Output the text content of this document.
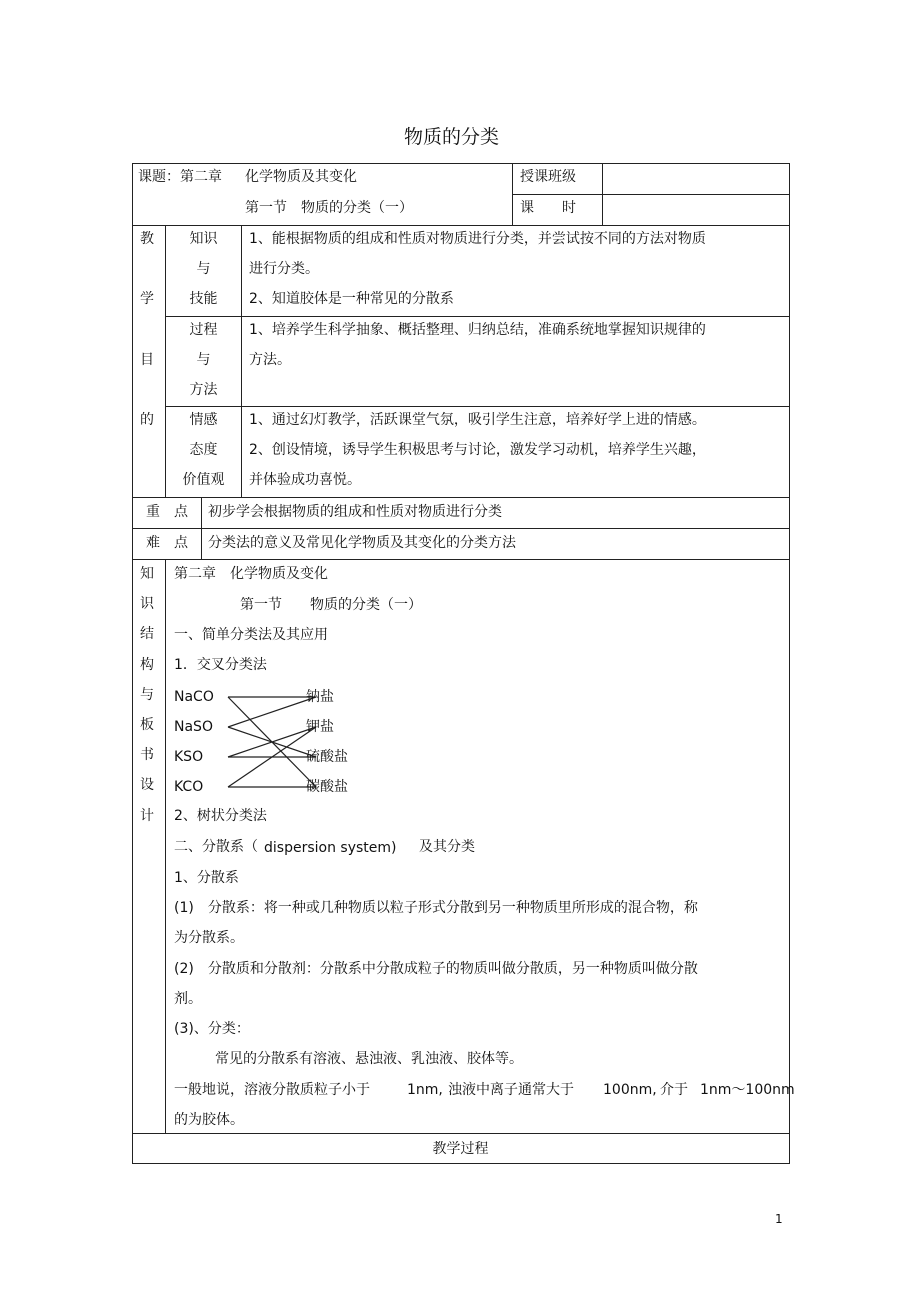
物质的分类
课题：第二章 化学物质及其变化
第一节　物质的分类（一）
授课班级
课　　时
教
学
目
的
知识
与
技能
1、能根据物质的组成和性质对物质进行分类，并尝试按不同的方法对物质
进行分类。
2、知道胶体是一种常见的分散系
过程
与
方法
1、培养学生科学抽象、概括整理、归纳总结，准确系统地掌握知识规律的
方法。
情感
态度
价值观
1、通过幻灯教学，活跃课堂气氛，吸引学生注意，培养好学上进的情感。
2、创设情境，诱导学生积极思考与讨论，激发学习动机，培养学生兴趣，
并体验成功喜悦。
重　点 初步学会根据物质的组成和性质对物质进行分类
难　点 分类法的意义及常见化学物质及其变化的分类方法
知
识
结
构
与
板
书
设
计
第二章　化学物质及变化
第一节　　物质的分类（一）
一、简单分类法及其应用
1．交叉分类法
NaCO
NaSO
KSO
KCO
钠盐
钾盐
硫酸盐
碳酸盐
2、树状分类法
二、分散系（ dispersion system) 及其分类
1、分散系
(1)　分散系：将一种或几种物质以粒子形式分散到另一种物质里所形成的混合物，称
为分散系。
(2)　分散质和分散剂：分散系中分散成粒子的物质叫做分散质，另一种物质叫做分散
剂。
(3)、分类：
常见的分散系有溶液、悬浊液、乳浊液、胶体等。
一般地说，溶液分散质粒子小于	1nm, 浊液中离子通常大于 100nm, 介于 1nm～100nm
的为胶体。
教学过程
1
